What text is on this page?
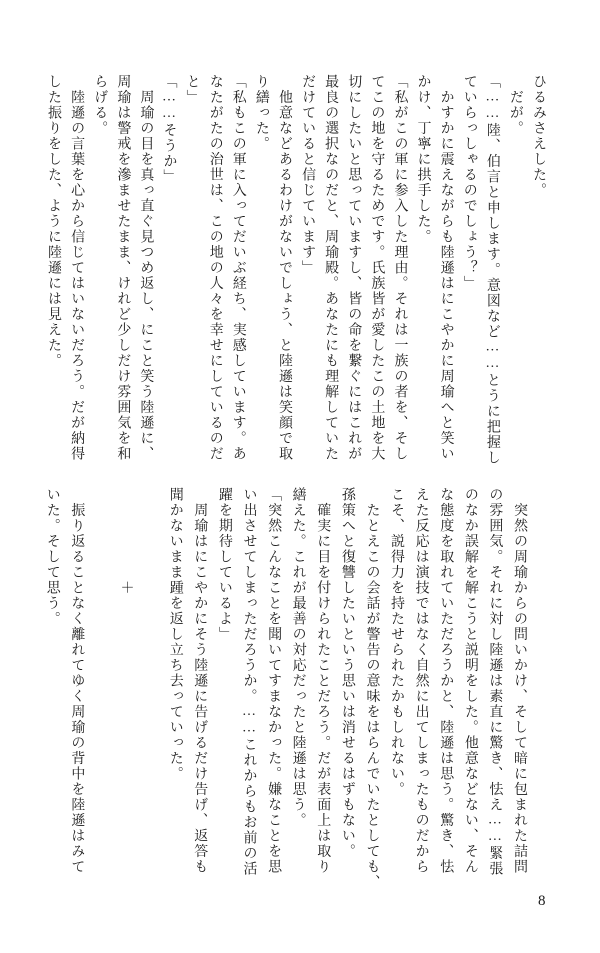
ひるみさえした。
　だが。
「……陸、伯言と申します。意図など……とうに把握し
ていらっしゃるのでしょう？」
　かすかに震えながらも陸遜はにこやかに周瑜へと笑い
かけ、丁寧に拱手した。
「私がこの軍に参入した理由。それは一族の者を、そし
てこの地を守るためです。氏族皆が愛したこの土地を大
切にしたいと思っていますし、皆の命を繋ぐにはこれが
最良の選択なのだと、周瑜殿。あなたにも理解していた
だけていると信じています」
　他意などあるわけがないでしょう、と陸遜は笑顔で取
り繕った。
「私もこの軍に入ってだいぶ経ち、実感しています。あ
なたがたの治世は、この地の人々を幸せにしているのだ
と」
「……そうか」
　周瑜の目を真っ直ぐ見つめ返し、にこと笑う陸遜に、
周瑜は警戒を滲ませたまま、けれど少しだけ雰囲気を和
らげる。
　陸遜の言葉を心から信じてはいないだろう。だが納得
した振りをした、ように陸遜には見えた。
　突然の周瑜からの問いかけ、そして暗に包まれた詰問
の雰囲気。それに対し陸遜は素直に驚き、怯え……緊張
のなか誤解を解こうと説明をした。他意などない、そん
な態度を取れていただろうかと、陸遜は思う。驚き、怯
えた反応は演技ではなく自然に出てしまったものだから
こそ、説得力を持たせられたかもしれない。
　たとえこの会話が警告の意味をはらんでいたとしても、
孫策へと復讐したいという思いは消せるはずもない。
　確実に目を付けられたことだろう。だが表面上は取り
繕えた。これが最善の対応だったと陸遜は思う。
「突然こんなことを聞いてすまなかった。嫌なことを思
い出させてしまっただろうか。……これからもお前の活
躍を期待しているよ」
　周瑜はにこやかにそう陸遜に告げるだけ告げ、返答も
聞かないまま踵を返し立ち去っていった。

　　　　　　＋

　振り返ることなく離れてゆく周瑜の背中を陸遜はみて
いた。そして思う。
8
